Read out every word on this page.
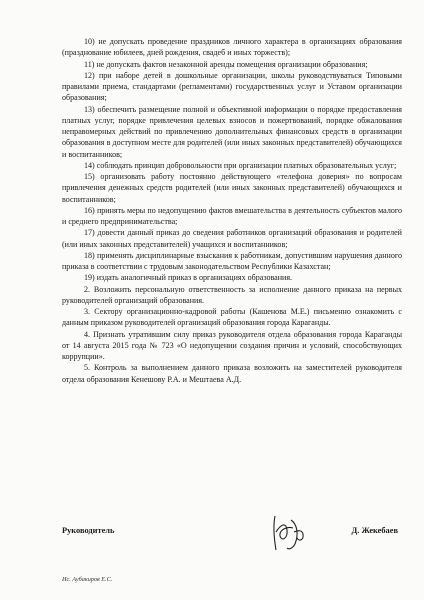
10) не допускать проведение праздников личного характера в организациях образования (празднование юбилеев, дней рождения, свадеб и иных торжеств);

11) не допускать фактов незаконной аренды помещения организации образования;

12) при наборе детей в дошкольные организации, школы руководствуваться Типовыми правилами приема, стандартами (регламентами) государственных услуг и Уставом организации образования;

13) обеспечить размещение полной и объективной информации о порядке предоставления платных услуг, порядке привлечения целевых взносов и пожертвований, порядке обжалования неправомерных действий по привлечению дополнительных финансовых средств в организации образования в доступном месте для родителей (или иных законных представителей) обучающихся и воспитанников;

14) соблюдать принцип добровольности при организации платных образовательных услуг;

15) организовать работу постоянно действующего «телефона доверия» по вопросам привлечения денежных средств родителей (или иных законных представителей) обучающихся и воспитанников;

16) принять меры по недопущению фактов вмешательства в деятельность субъектов малого и среднего предпринимательства;

17) довести данный приказ до сведения работников организаций образования и родителей (или иных законных представителей) учащихся и воспитанников;

18) применять дисциплинарные взыскания к работникам, допустившим нарушения данного приказа в соответствии с трудовым законодательством Республики Казахстан;

19) издать аналогичный приказ в организациях образования.

2. Возложить персональную ответственность за исполнение данного приказа на первых руководителей организаций образования.

3. Сектору организационно-кадровой работы (Кашенова М.Е.) письменно ознакомить с данным приказом руководителей организаций образования города Караганды.

4. Признать утратившим силу приказ руководителя отдела образования города Караганды от 14 августа 2015 года № 723 «О недопущении создания причин и условий, способствующих коррупции».

5. Контроль за выполнением данного приказа возложить на заместителей руководителя отдела образования Кенешову Р.А. и Мештаева А.Д.

Руководитель	Д. Жекебаев
Ис. Аубакиров Е.С.
